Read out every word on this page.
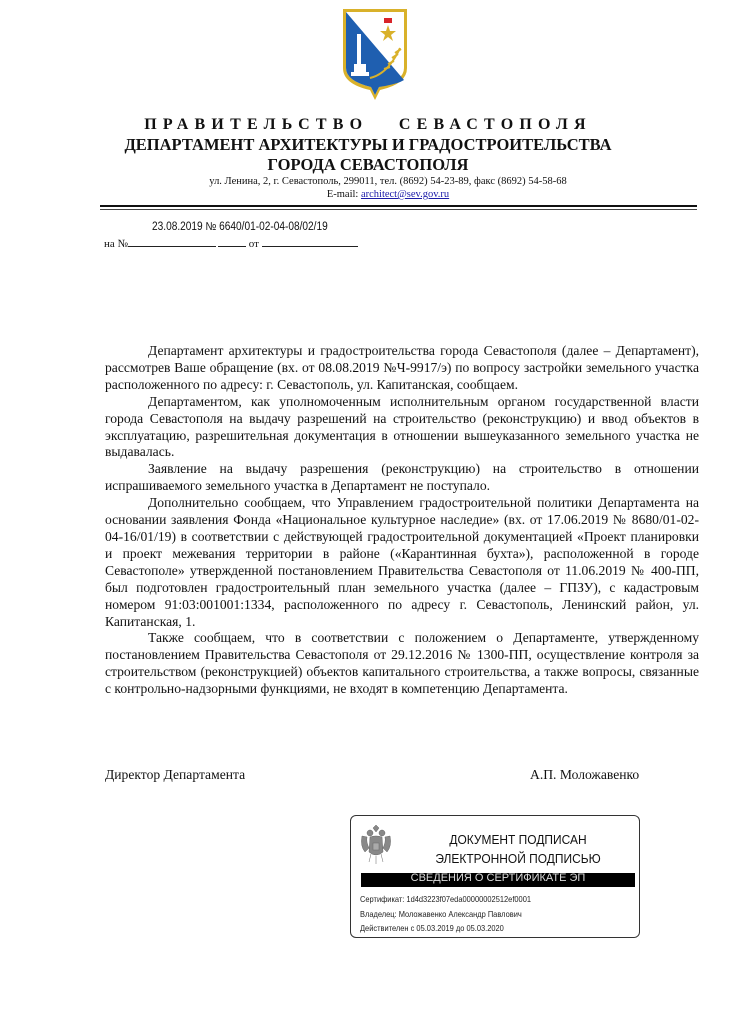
ПРАВИТЕЛЬСТВО   СЕВАСТОПОЛЯ
ДЕПАРТАМЕНТ АРХИТЕКТУРЫ И ГРАДОСТРОИТЕЛЬСТВА
ГОРОДА СЕВАСТОПОЛЯ
ул. Ленина, 2, г. Севастополь, 299011, тел. (8692) 54-23-89, факс (8692) 54-58-68
E-mail: architect@sev.gov.ru
23.08.2019 № 6640/01-02-04-08/02/19
на №	от

Департамент архитектуры и градостроительства города Севастополя (далее – Департамент), рассмотрев Ваше обращение (вх. от 08.08.2019 №Ч-9917/э) по вопросу застройки земельного участка расположенного по адресу: г. Севастополь, ул. Капитанская, сообщаем.

Департаментом, как уполномоченным исполнительным органом государственной власти города Севастополя на выдачу разрешений на строительство (реконструкцию) и ввод объектов в эксплуатацию, разрешительная документация в отношении вышеуказанного земельного участка не выдавалась.

Заявление на выдачу разрешения (реконструкцию) на строительство в отношении испрашиваемого земельного участка в Департамент не поступало.

Дополнительно сообщаем, что Управлением градостроительной политики Департамента на основании заявления Фонда «Национальное культурное наследие» (вх. от 17.06.2019 № 8680/01-02-04-16/01/19) в соответствии с действующей градостроительной документацией «Проект планировки и проект межевания территории в районе («Карантинная бухта»), расположенной в городе Севастополе» утвержденной постановлением Правительства Севастополя от 11.06.2019 № 400-ПП, был подготовлен градостроительный план земельного участка (далее – ГПЗУ), с кадастровым номером 91:03:001001:1334, расположенного по адресу г. Севастополь, Ленинский район, ул. Капитанская, 1.

Также сообщаем, что в соответствии с положением о Департаменте, утвержденному постановлением Правительства Севастополя от 29.12.2016 № 1300-ПП, осуществление контроля за строительством (реконструкцией) объектов капитального строительства, а также вопросы, связанные с контрольно-надзорными функциями, не входят в компетенцию Департамента.

Директор Департамента	А.П. Моложавенко
ДОКУМЕНТ ПОДПИСАН
ЭЛЕКТРОННОЙ ПОДПИСЬЮ
СВЕДЕНИЯ О СЕРТИФИКАТЕ ЭП
Сертификат: 1d4d3223f07eda00000002512ef0001
Владелец: Моложавенко Александр Павлович
Действителен с 05.03.2019 до 05.03.2020
